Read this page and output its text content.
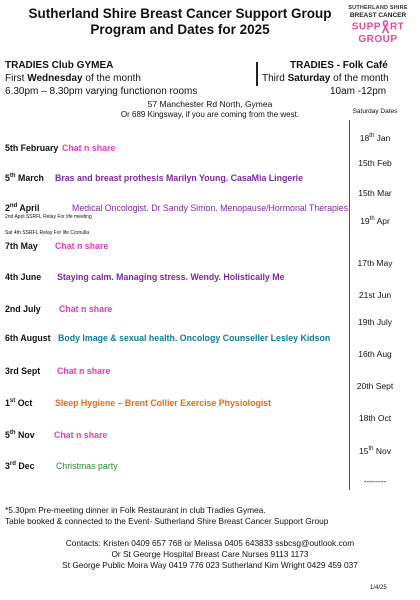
Sutherland Shire Breast Cancer Support Group
Program and Dates for 2025
SUTHERLAND SHIRE
BREAST CANCER
SUPP RT
GROUP
TRADIES Club GYMEA
First Wednesday of the month
6.30pm – 8.30pm varying functionon rooms
TRADIES - Folk Café
Third Saturday of the month
10am -12pm
57 Manchester Rd North, Gymea
Or 689 Kingsway, if you are coming from the west.	Saturday Dates
18th Jan
15th Feb
15th Mar
19th Apr
17th May
21st Jun
19th July
16th Aug
20th Sept
18th Oct
15th Nov
--------
5th February Chat n share
5th March Bras and breast prothesis Marilyn Young. CasaMia Lingerie
2nd April	Medical Oncologist. Dr Sandy Simon. Menopause/Hormonal Therapies.
7th May Chat n share
4th June Staying calm. Managing stress. Wendy. Holistically Me
2nd July Chat n share
6th August Body Image & sexual health. Oncology Counseller Lesley Kidson
3rd Sept Chat n share
1st Oct	Sleep Hygiene – Brent Collier Exercise Physiologist
5th Nov Chat n share
3rd Dec Christmas party
2nd April SSRFL Relay For life meeting
Sat 4th SSRFL Relay For life Cronulla
*5.30pm Pre-meeting dinner in Folk Restaurant in club Tradies Gymea.
Table booked & connected to the Event- Sutherland Shire Breast Cancer Support Group
Contacts: Kristen 0409 657 768 or Melissa 0405 643833 ssbcsg@outlook.com
Or St George Hospital Breast Care Nurses 9113 1173
St George Public Moira Way 0419 776 023 Sutherland Kim Wright 0429 459 037
1/4/25
